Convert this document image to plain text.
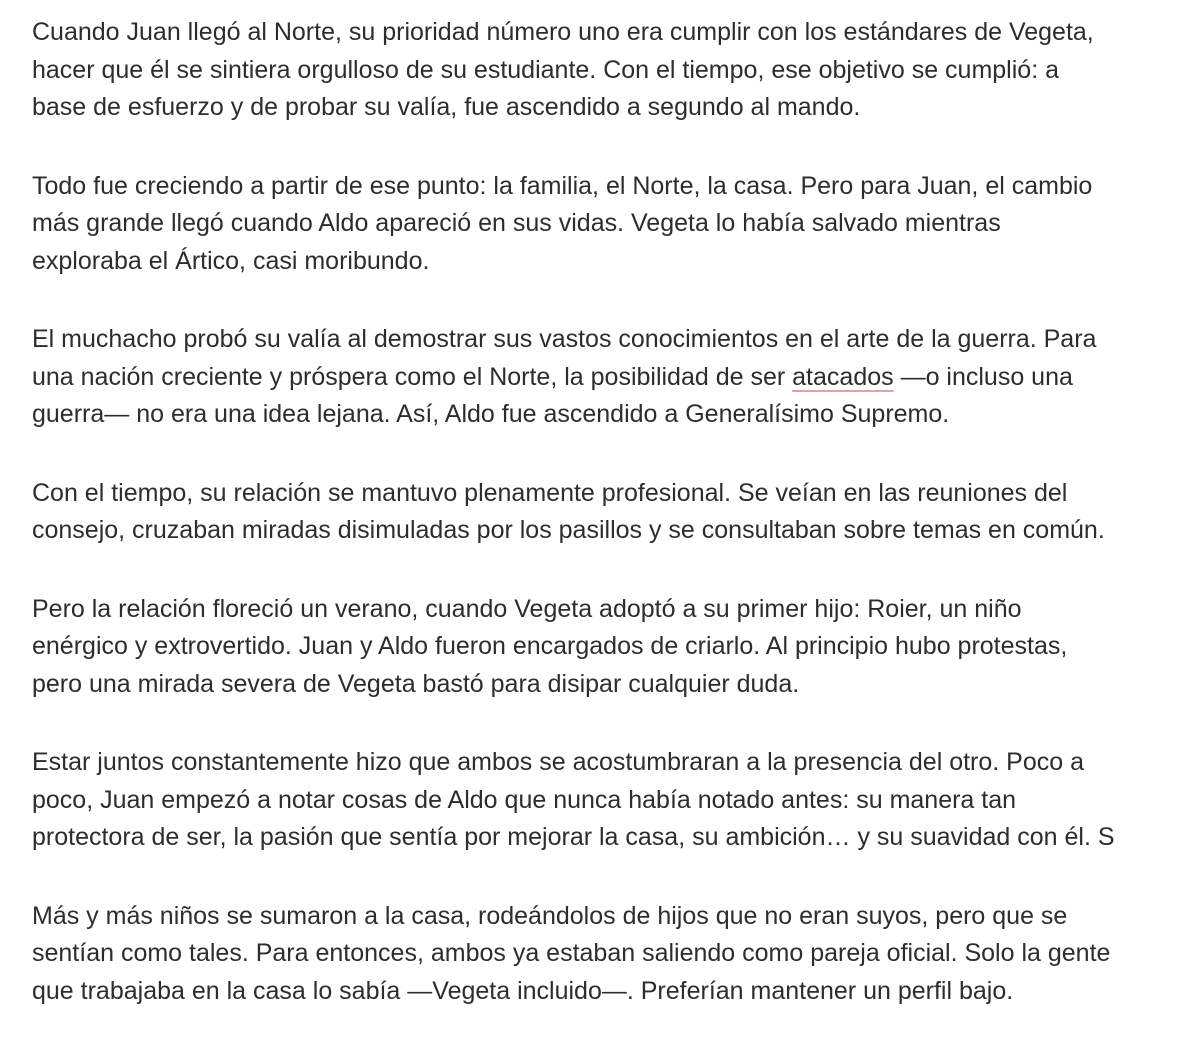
Cuando Juan llegó al Norte, su prioridad número uno era cumplir con los estándares de Vegeta,
hacer que él se sintiera orgulloso de su estudiante. Con el tiempo, ese objetivo se cumplió: a
base de esfuerzo y de probar su valía, fue ascendido a segundo al mando.

Todo fue creciendo a partir de ese punto: la familia, el Norte, la casa. Pero para Juan, el cambio
más grande llegó cuando Aldo apareció en sus vidas. Vegeta lo había salvado mientras
exploraba el Ártico, casi moribundo.

El muchacho probó su valía al demostrar sus vastos conocimientos en el arte de la guerra. Para
una nación creciente y próspera como el Norte, la posibilidad de ser atacados —o incluso una
guerra— no era una idea lejana. Así, Aldo fue ascendido a Generalísimo Supremo.

Con el tiempo, su relación se mantuvo plenamente profesional. Se veían en las reuniones del
consejo, cruzaban miradas disimuladas por los pasillos y se consultaban sobre temas en común.

Pero la relación floreció un verano, cuando Vegeta adoptó a su primer hijo: Roier, un niño
enérgico y extrovertido. Juan y Aldo fueron encargados de criarlo. Al principio hubo protestas,
pero una mirada severa de Vegeta bastó para disipar cualquier duda.

Estar juntos constantemente hizo que ambos se acostumbraran a la presencia del otro. Poco a
poco, Juan empezó a notar cosas de Aldo que nunca había notado antes: su manera tan
protectora de ser, la pasión que sentía por mejorar la casa, su ambición… y su suavidad con él. S

Más y más niños se sumaron a la casa, rodeándolos de hijos que no eran suyos, pero que se
sentían como tales. Para entonces, ambos ya estaban saliendo como pareja oficial. Solo la gente
que trabajaba en la casa lo sabía —Vegeta incluido—. Preferían mantener un perfil bajo.
